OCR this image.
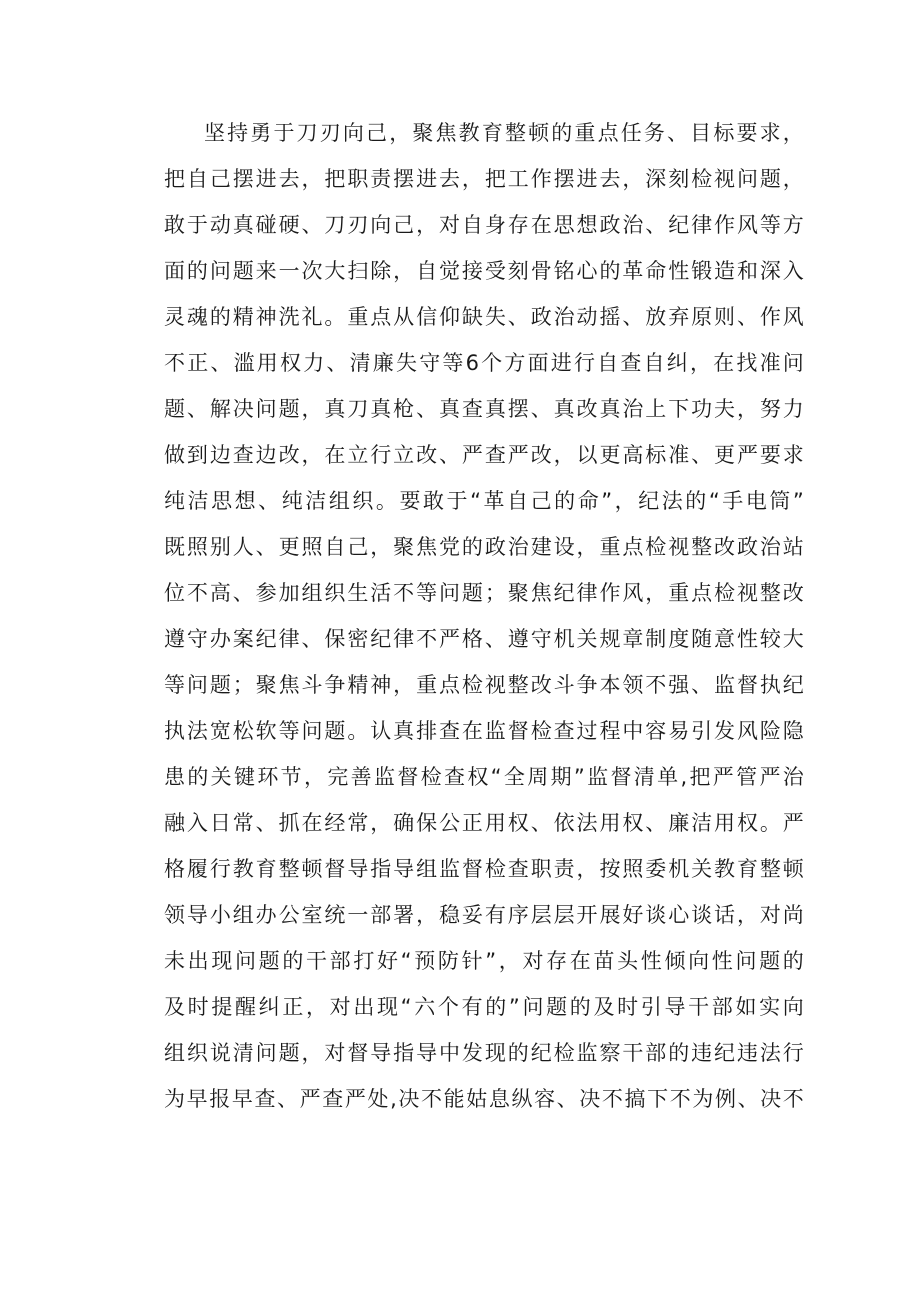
坚持勇于刀刃向己，聚焦教育整顿的重点任务、目标要求，
把自己摆进去，把职责摆进去，把工作摆进去，深刻检视问题，
敢于动真碰硬、刀刃向己，对自身存在思想政治、纪律作风等方
面的问题来一次大扫除，自觉接受刻骨铭心的革命性锻造和深入
灵魂的精神洗礼。重点从信仰缺失、政治动摇、放弃原则、作风
不正、滥用权力、清廉失守等6个方面进行自查自纠，在找准问
题、解决问题，真刀真枪、真查真摆、真改真治上下功夫，努力
做到边查边改，在立行立改、严查严改，以更高标准、更严要求
纯洁思想、纯洁组织。要敢于“革自己的命”，纪法的“手电筒”
既照别人、更照自己，聚焦党的政治建设，重点检视整改政治站
位不高、参加组织生活不等问题；聚焦纪律作风，重点检视整改
遵守办案纪律、保密纪律不严格、遵守机关规章制度随意性较大
等问题；聚焦斗争精神，重点检视整改斗争本领不强、监督执纪
执法宽松软等问题。认真排查在监督检查过程中容易引发风险隐
患的关键环节，完善监督检查权“全周期”监督清单,把严管严治
融入日常、抓在经常，确保公正用权、依法用权、廉洁用权。严
格履行教育整顿督导指导组监督检查职责，按照委机关教育整顿
领导小组办公室统一部署，稳妥有序层层开展好谈心谈话，对尚
未出现问题的干部打好“预防针”，对存在苗头性倾向性问题的
及时提醒纠正，对出现“六个有的”问题的及时引导干部如实向
组织说清问题，对督导指导中发现的纪检监察干部的违纪违法行
为早报早查、严查严处,决不能姑息纵容、决不搞下不为例、决不
